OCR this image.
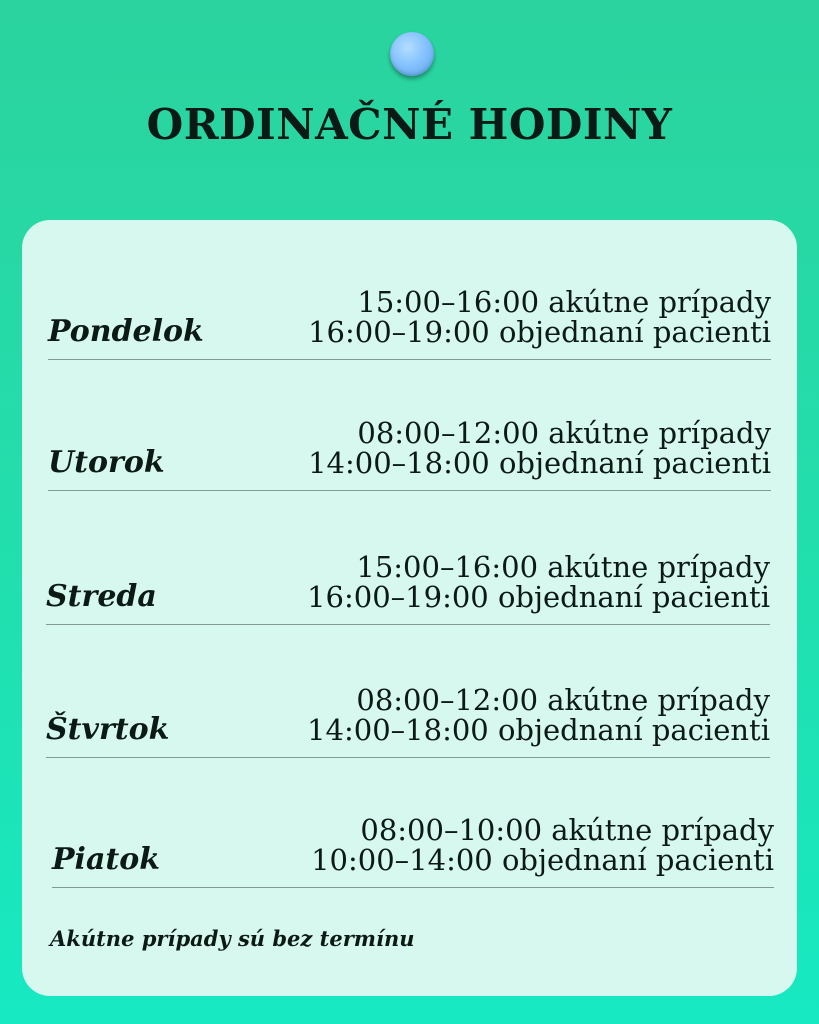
ORDINAČNÉ HODINY
Pondelok
15:00–16:00 akútne prípady
16:00–19:00 objednaní pacienti
Utorok
08:00–12:00 akútne prípady
14:00–18:00 objednaní pacienti
Streda
15:00–16:00 akútne prípady
16:00–19:00 objednaní pacienti
Štvrtok
08:00–12:00 akútne prípady
14:00–18:00 objednaní pacienti
Piatok
08:00–10:00 akútne prípady
10:00–14:00 objednaní pacienti
Akútne prípady sú bez termínu
